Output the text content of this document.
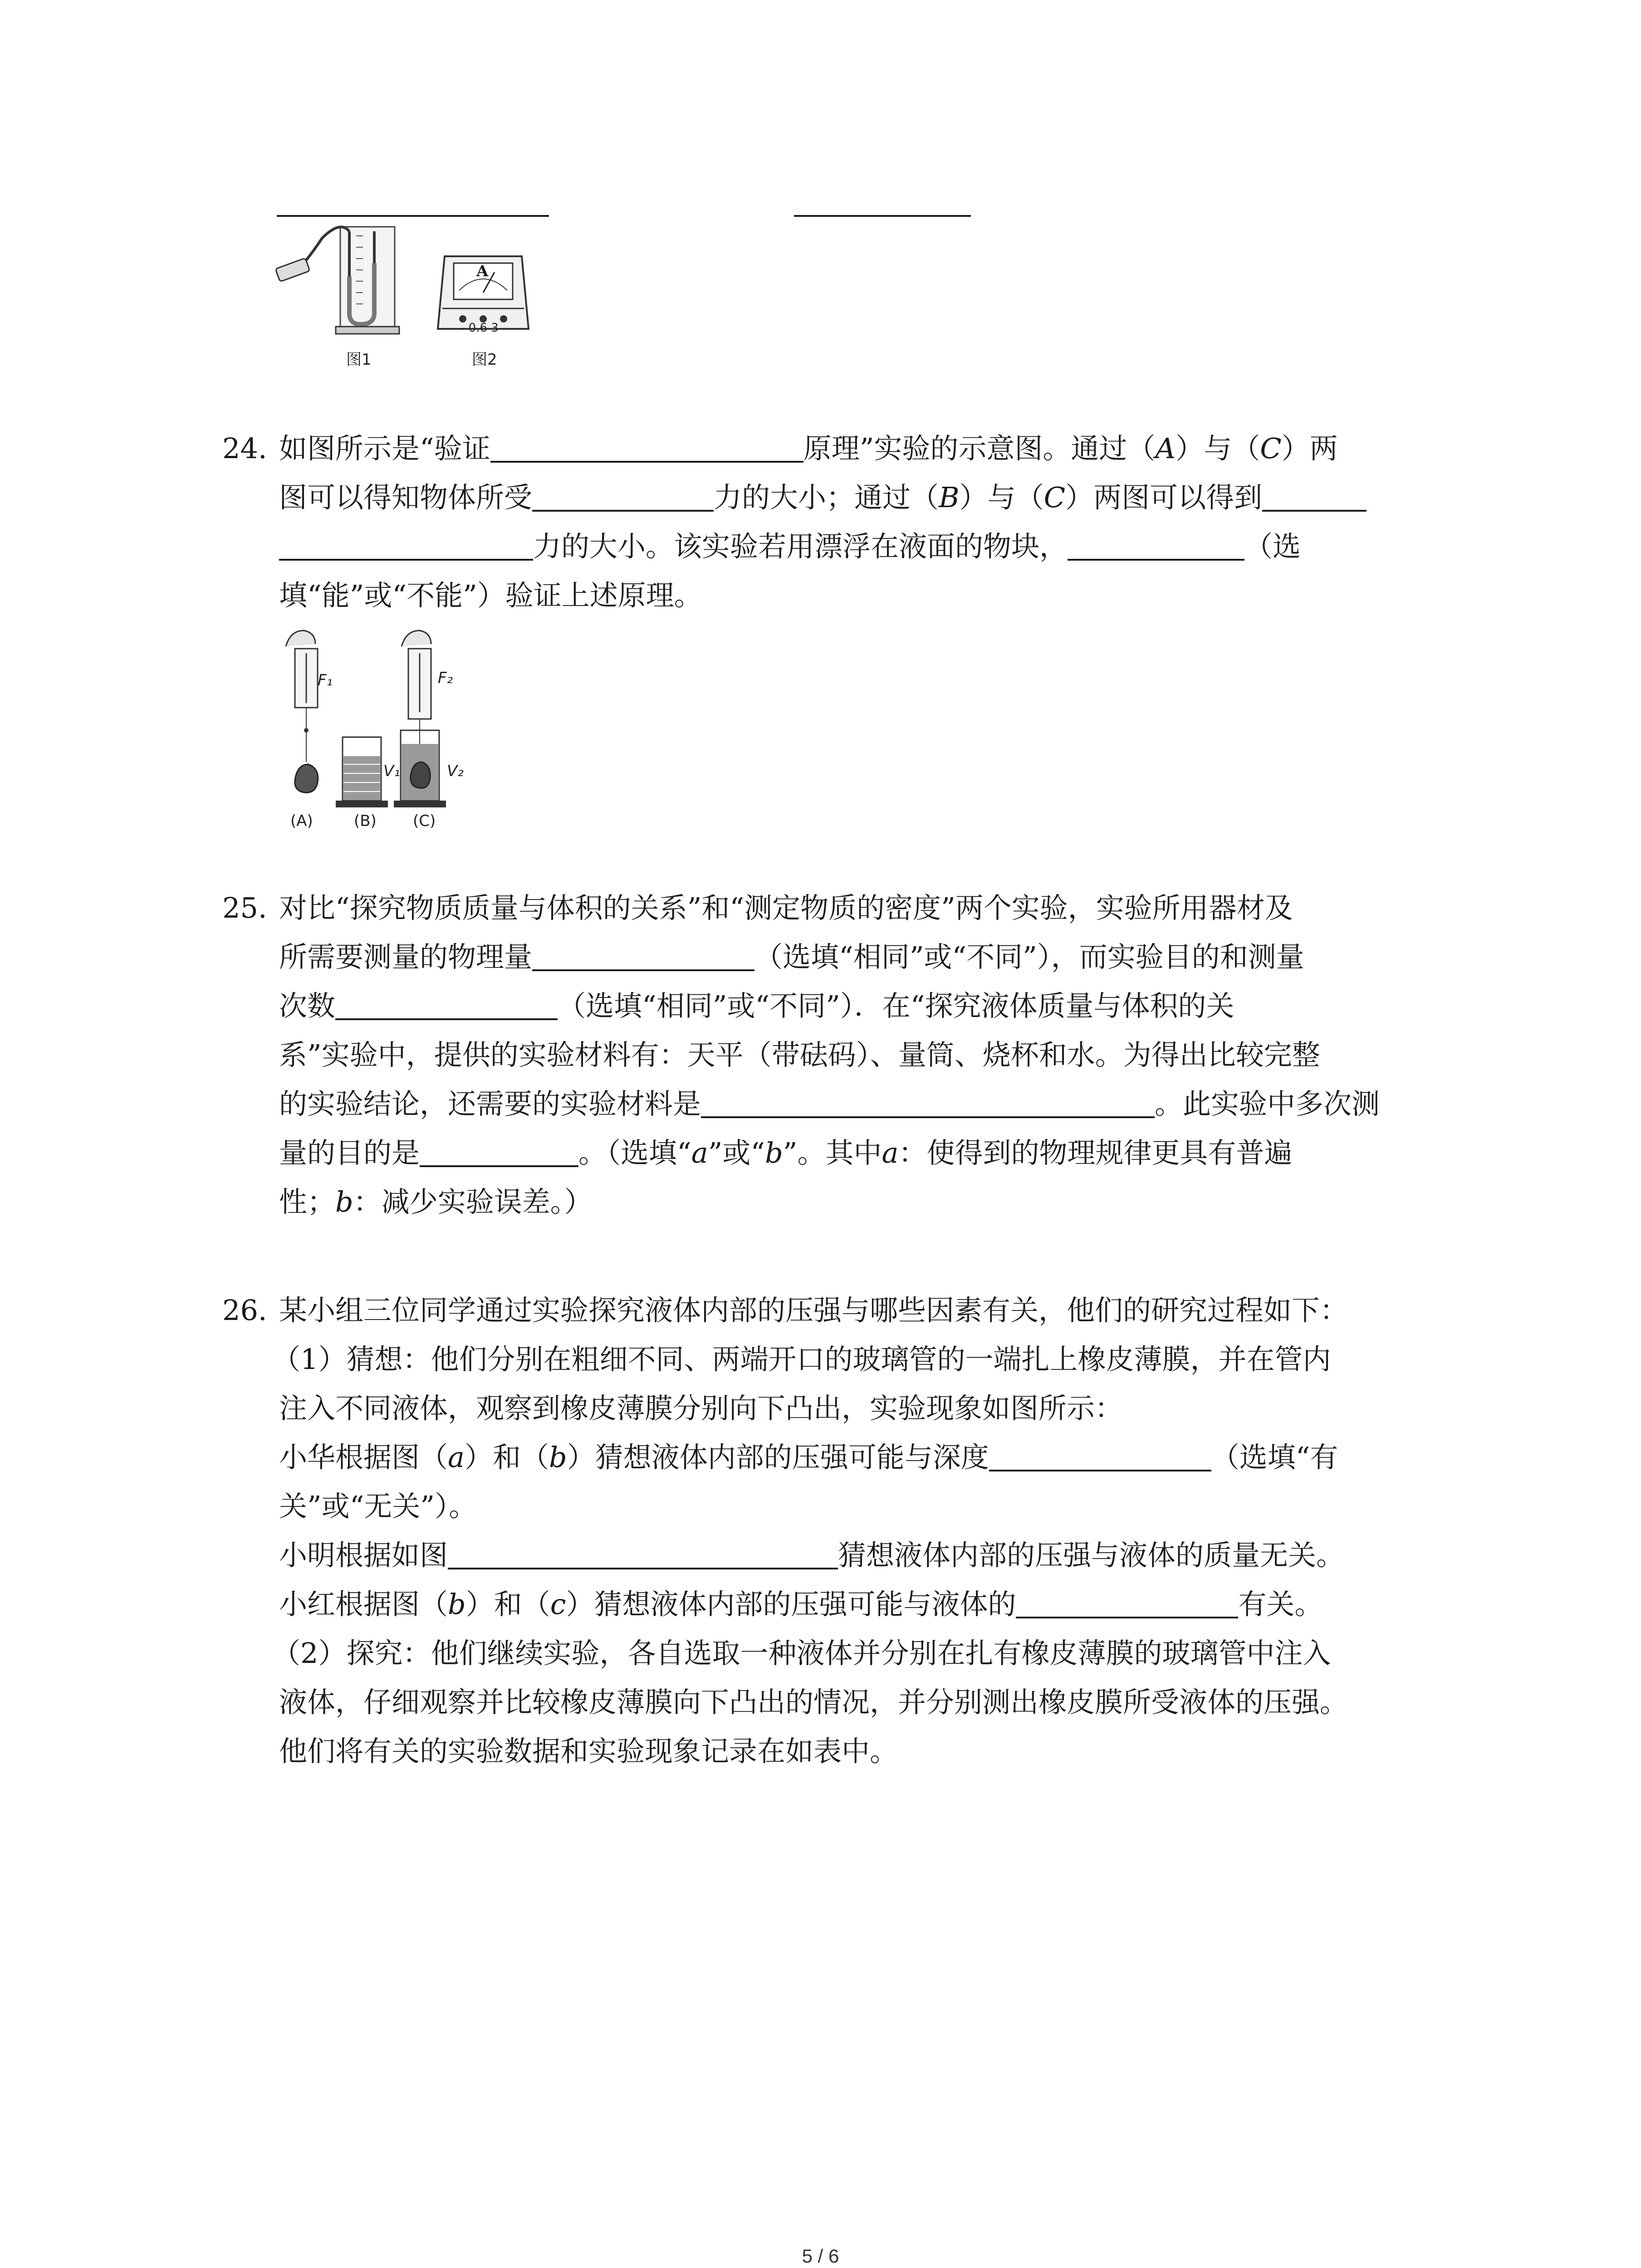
图1
A
- 0.6 3
图2
24. 如图所示是“验证	原理”实验的示意图。通过（A）与（C）两
图可以得知物体所受	力的大小；通过（B）与（C）两图可以得到
力的大小。该实验若用漂浮在液面的物块，	（选
填“能”或“不能”）验证上述原理。
F₁	F₂
V₁	V₂
(A)	(B) (C)
25. 对比“探究物质质量与体积的关系”和“测定物质的密度”两个实验，实验所用器材及
所需要测量的物理量	（选填“相同”或“不同”），而实验目的和测量
次数	（选填“相同”或“不同”）．在“探究液体质量与体积的关
系”实验中，提供的实验材料有：天平（带砝码）、量筒、烧杯和水。为得出比较完整
的实验结论，还需要的实验材料是	。此实验中多次测
量的目的是	。（选填“a”或“b”。其中a：使得到的物理规律更具有普遍
性；b：减少实验误差。）
26. 某小组三位同学通过实验探究液体内部的压强与哪些因素有关，他们的研究过程如下：
（1）猜想：他们分别在粗细不同、两端开口的玻璃管的一端扎上橡皮薄膜，并在管内
注入不同液体，观察到橡皮薄膜分别向下凸出，实验现象如图所示：
小华根据图（a）和（b）猜想液体内部的压强可能与深度	（选填“有
关”或“无关”）。
小明根据如图	猜想液体内部的压强与液体的质量无关。
小红根据图（b）和（c）猜想液体内部的压强可能与液体的	有关。
（2）探究：他们继续实验，各自选取一种液体并分别在扎有橡皮薄膜的玻璃管中注入
液体，仔细观察并比较橡皮薄膜向下凸出的情况，并分别测出橡皮膜所受液体的压强。
他们将有关的实验数据和实验现象记录在如表中。
5 / 6
